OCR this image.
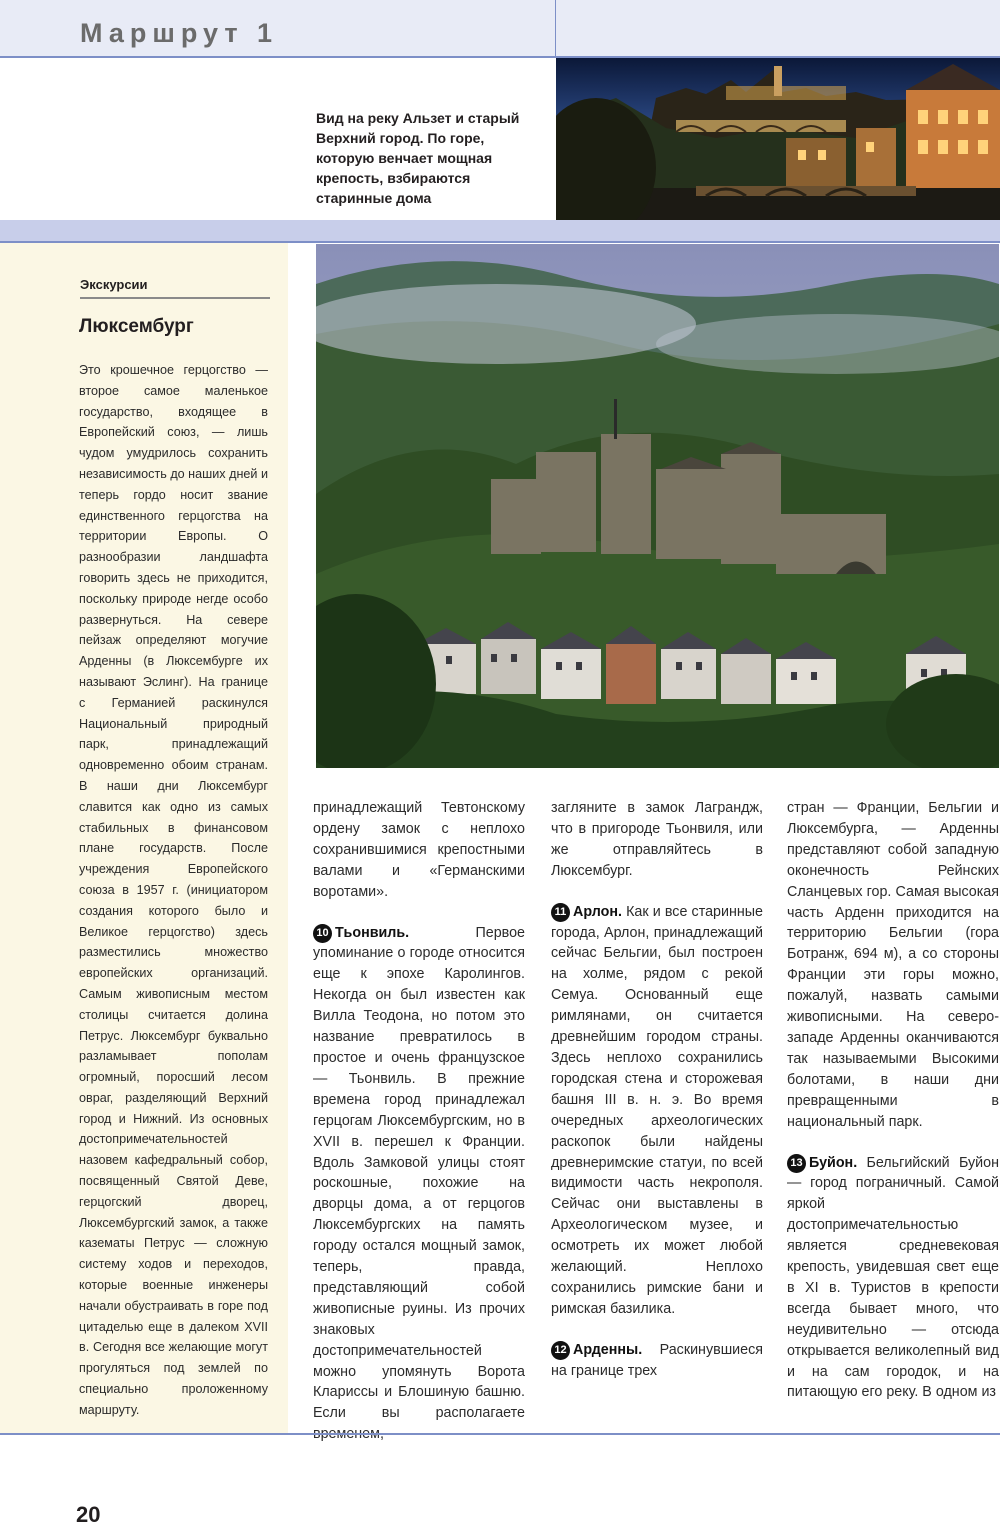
Маршрут 1
Вид на реку Альзет и старый Верхний город. По горе, которую венчает мощная крепость, взбираются старинные дома
Экскурсии
Люксембург
Это крошечное герцогство — второе самое маленькое государство, входящее в Европейский союз, — лишь чудом умудрилось сохранить независимость до наших дней и теперь гордо носит звание единственного герцогства на территории Европы. О разнообразии ландшафта говорить здесь не приходится, поскольку природе негде особо развернуться. На севере пейзаж определяют могучие Арденны (в Люксембурге их называют Эслинг). На границе с Германией раскинулся Национальный природный парк, принадлежащий одновременно обоим странам. В наши дни Люксембург славится как одно из самых стабильных в финансовом плане государств. После учреждения Европейского союза в 1957 г. (инициатором создания которого было и Великое герцогство) здесь разместились множество европейских организаций. Самым живописным местом столицы считается долина Петрус. Люксембург буквально разламывает пополам огромный, поросший лесом овраг, разделяющий Верхний город и Нижний. Из основных достопримечательностей назовем кафедральный собор, посвященный Святой Деве, герцогский дворец, Люксембургский замок, а также казематы Петрус — сложную систему ходов и переходов, которые военные инженеры начали обустраивать в горе под цитаделью еще в далеком XVII в. Сегодня все желающие могут прогуляться под землей по специально проложенному маршруту.

принадлежащий Тевтонскому ордену замок с неплохо сохранившимися крепостными валами и «Германскими воротами».

10 Тьонвиль.	Первое упоминание о городе относится еще к эпохе Каролингов. Некогда он был известен как Вилла Теодона, но потом это название превратилось в простое и очень французское — Тьонвиль. В прежние времена город принадлежал герцогам Люксембургским, но в XVII в. перешел к Франции. Вдоль Замковой улицы стоят роскошные, похожие на дворцы дома, а от герцогов Люксембургских на память городу остался мощный замок, теперь, правда, представляющий собой живописные руины. Из прочих знаковых достопримечательностей можно упомянуть Ворота Клариссы и Блошиную башню. Если вы располагаете

загляните в замок Лаграндж, что в пригороде Тьонвиля, или же отправляйтесь в Люксембург.

11 Арлон. Как и все старинные города, Арлон, принадлежащий сейчас Бельгии, был построен на холме, рядом с рекой Семуа. Основанный еще римлянами, он считается древнейшим городом страны. Здесь неплохо сохранились городская стена и сторожевая башня III в. н. э. Во время очередных археологических раскопок были найдены древнеримские статуи, по всей видимости часть некрополя. Сейчас они выставлены в Археологическом музее, и осмотреть их может любой желающий. Неплохо сохранились римские бани и римская базилика.

12 Арденны. Раскинувшиеся на границе трех

стран — Франции, Бельгии и Люксембурга, — Арденны представляют собой западную оконечность Рейнских Сланцевых гор. Самая высокая часть Арденн приходится на территорию Бельгии (гора Ботранж, 694 м), а со стороны Франции эти горы можно, пожалуй, назвать самыми живописными. На северо-западе Арденны оканчиваются так называемыми Высокими болотами, в наши дни превращенными в национальный парк.

13 Буйон. Бельгийский Буйон — город пограничный. Самой яркой достопримечательностью является средневековая крепость, увидевшая свет еще в XI в. Туристов в крепости всегда бывает много, что неудивительно — отсюда открывается великолепный вид и на сам городок, и на питающую его реку. В одном из

20
